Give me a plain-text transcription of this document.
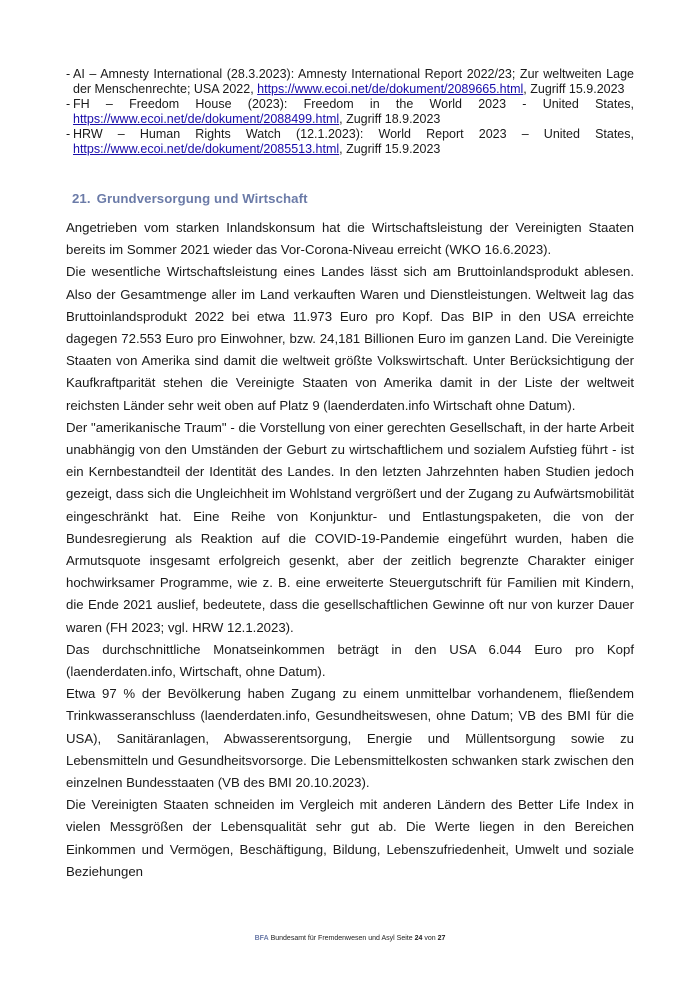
- AI – Amnesty International (28.3.2023): Amnesty International Report 2022/23; Zur weltweiten Lage der Menschenrechte; USA 2022, https://www.ecoi.net/de/dokument/2089665.html, Zugriff 15.9.2023
- FH – Freedom House (2023): Freedom in the World 2023 - United States, https://www.ecoi.net/de/dokument/2088499.html, Zugriff 18.9.2023
- HRW – Human Rights Watch (12.1.2023): World Report 2023 – United States, https://www.ecoi.net/de/dokument/2085513.html, Zugriff 15.9.2023
21. Grundversorgung und Wirtschaft

Angetrieben vom starken Inlandskonsum hat die Wirtschaftsleistung der Vereinigten Staaten bereits im Sommer 2021 wieder das Vor-Corona-Niveau erreicht (WKO 16.6.2023).

Die wesentliche Wirtschaftsleistung eines Landes lässt sich am Bruttoinlandsprodukt ablesen. Also der Gesamtmenge aller im Land verkauften Waren und Dienstleistungen. Weltweit lag das Bruttoinlandsprodukt 2022 bei etwa 11.973 Euro pro Kopf. Das BIP in den USA erreichte dagegen 72.553 Euro pro Einwohner, bzw. 24,181 Billionen Euro im ganzen Land. Die Vereinigte Staaten von Amerika sind damit die weltweit größte Volkswirtschaft. Unter Berücksichtigung der Kaufkraftparität stehen die Vereinigte Staaten von Amerika damit in der Liste der weltweit reichsten Länder sehr weit oben auf Platz 9 (laenderdaten.info Wirtschaft ohne Datum).

Der "amerikanische Traum" - die Vorstellung von einer gerechten Gesellschaft, in der harte Arbeit unabhängig von den Umständen der Geburt zu wirtschaftlichem und sozialem Aufstieg führt - ist ein Kernbestandteil der Identität des Landes. In den letzten Jahrzehnten haben Studien jedoch gezeigt, dass sich die Ungleichheit im Wohlstand vergrößert und der Zugang zu Aufwärtsmobilität eingeschränkt hat. Eine Reihe von Konjunktur- und Entlastungspaketen, die von der Bundesregierung als Reaktion auf die COVID-19-Pandemie eingeführt wurden, haben die Armutsquote insgesamt erfolgreich gesenkt, aber der zeitlich begrenzte Charakter einiger hochwirksamer Programme, wie z. B. eine erweiterte Steuergutschrift für Familien mit Kindern, die Ende 2021 auslief, bedeutete, dass die gesellschaftlichen Gewinne oft nur von kurzer Dauer waren (FH 2023; vgl. HRW 12.1.2023).

Das durchschnittliche Monatseinkommen beträgt in den USA 6.044 Euro pro Kopf (laenderdaten.info, Wirtschaft, ohne Datum).

Etwa 97 % der Bevölkerung haben Zugang zu einem unmittelbar vorhandenem, fließendem Trinkwasseranschluss (laenderdaten.info, Gesundheitswesen, ohne Datum; VB des BMI für die USA), Sanitäranlagen, Abwasserentsorgung, Energie und Müllentsorgung sowie zu Lebensmitteln und Gesundheitsvorsorge. Die Lebensmittelkosten schwanken stark zwischen den einzelnen Bundesstaaten (VB des BMI 20.10.2023).

Die Vereinigten Staaten schneiden im Vergleich mit anderen Ländern des Better Life Index in vielen Messgrößen der Lebensqualität sehr gut ab. Die Werte liegen in den Bereichen Einkommen und Vermögen, Beschäftigung, Bildung, Lebenszufriedenheit, Umwelt und soziale Beziehungen

BFA Bundesamt für Fremdenwesen und Asyl Seite 24 von 27
